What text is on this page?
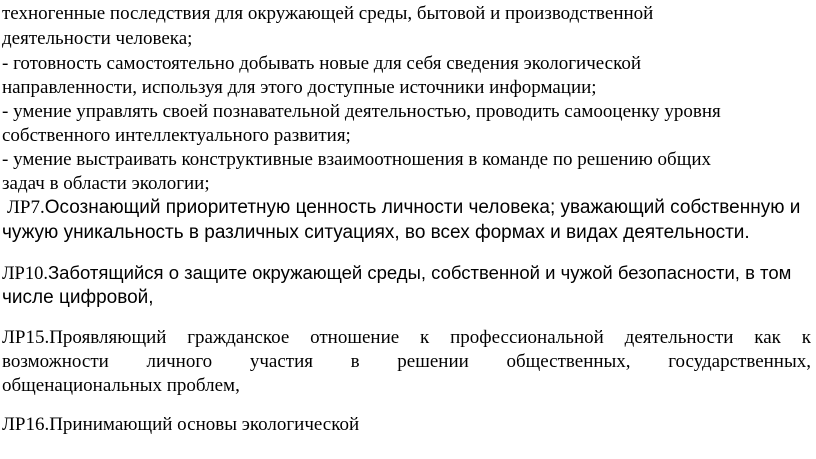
техногенные последствия для окружающей среды, бытовой и производственной
деятельности человека;
- готовность самостоятельно добывать новые для себя сведения экологической
направленности, используя для этого доступные источники информации;
- умение управлять своей познавательной деятельностью, проводить самооценку уровня
собственного интеллектуального развития;
- умение выстраивать конструктивные взаимоотношения в команде по решению общих
задач в области экологии;
ЛР7.Осознающий приоритетную ценность личности человека; уважающий собственную и
чужую уникальность в различных ситуациях, во всех формах и видах деятельности.
ЛР10.Заботящийся о защите окружающей среды, собственной и чужой безопасности, в том
числе цифровой,
ЛР15.Проявляющий гражданское отношение к профессиональной деятельности как к
возможности личного участия в решении общественных, государственных,
общенациональных проблем,
ЛР16.Принимающий основы экологической
